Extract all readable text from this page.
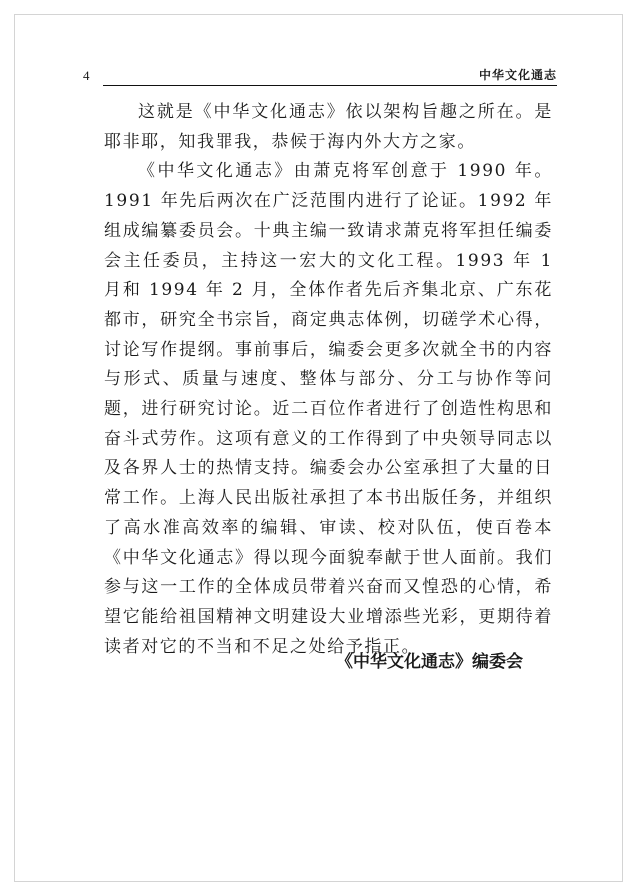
4	中华文化通志

这就是《中华文化通志》依以架构旨趣之所在。是耶非耶，知我罪我，恭候于海内外大方之家。

《中华文化通志》由萧克将军创意于 1990 年。1991 年先后两次在广泛范围内进行了论证。1992 年组成编纂委员会。十典主编一致请求萧克将军担任编委会主任委员，主持这一宏大的文化工程。1993 年 1 月和 1994 年 2 月，全体作者先后齐集北京、广东花都市，研究全书宗旨，商定典志体例，切磋学术心得，讨论写作提纲。事前事后，编委会更多次就全书的内容与形式、质量与速度、整体与部分、分工与协作等问题，进行研究讨论。近二百位作者进行了创造性构思和奋斗式劳作。这项有意义的工作得到了中央领导同志以及各界人士的热情支持。编委会办公室承担了大量的日常工作。上海人民出版社承担了本书出版任务，并组织了高水准高效率的编辑、审读、校对队伍，使百卷本《中华文化通志》得以现今面貌奉献于世人面前。我们参与这一工作的全体成员带着兴奋而又惶恐的心情，希望它能给祖国精神文明建设大业增添些光彩，更期待着读者对它的不当和不足之处给予指正。

《中华文化通志》编委会
